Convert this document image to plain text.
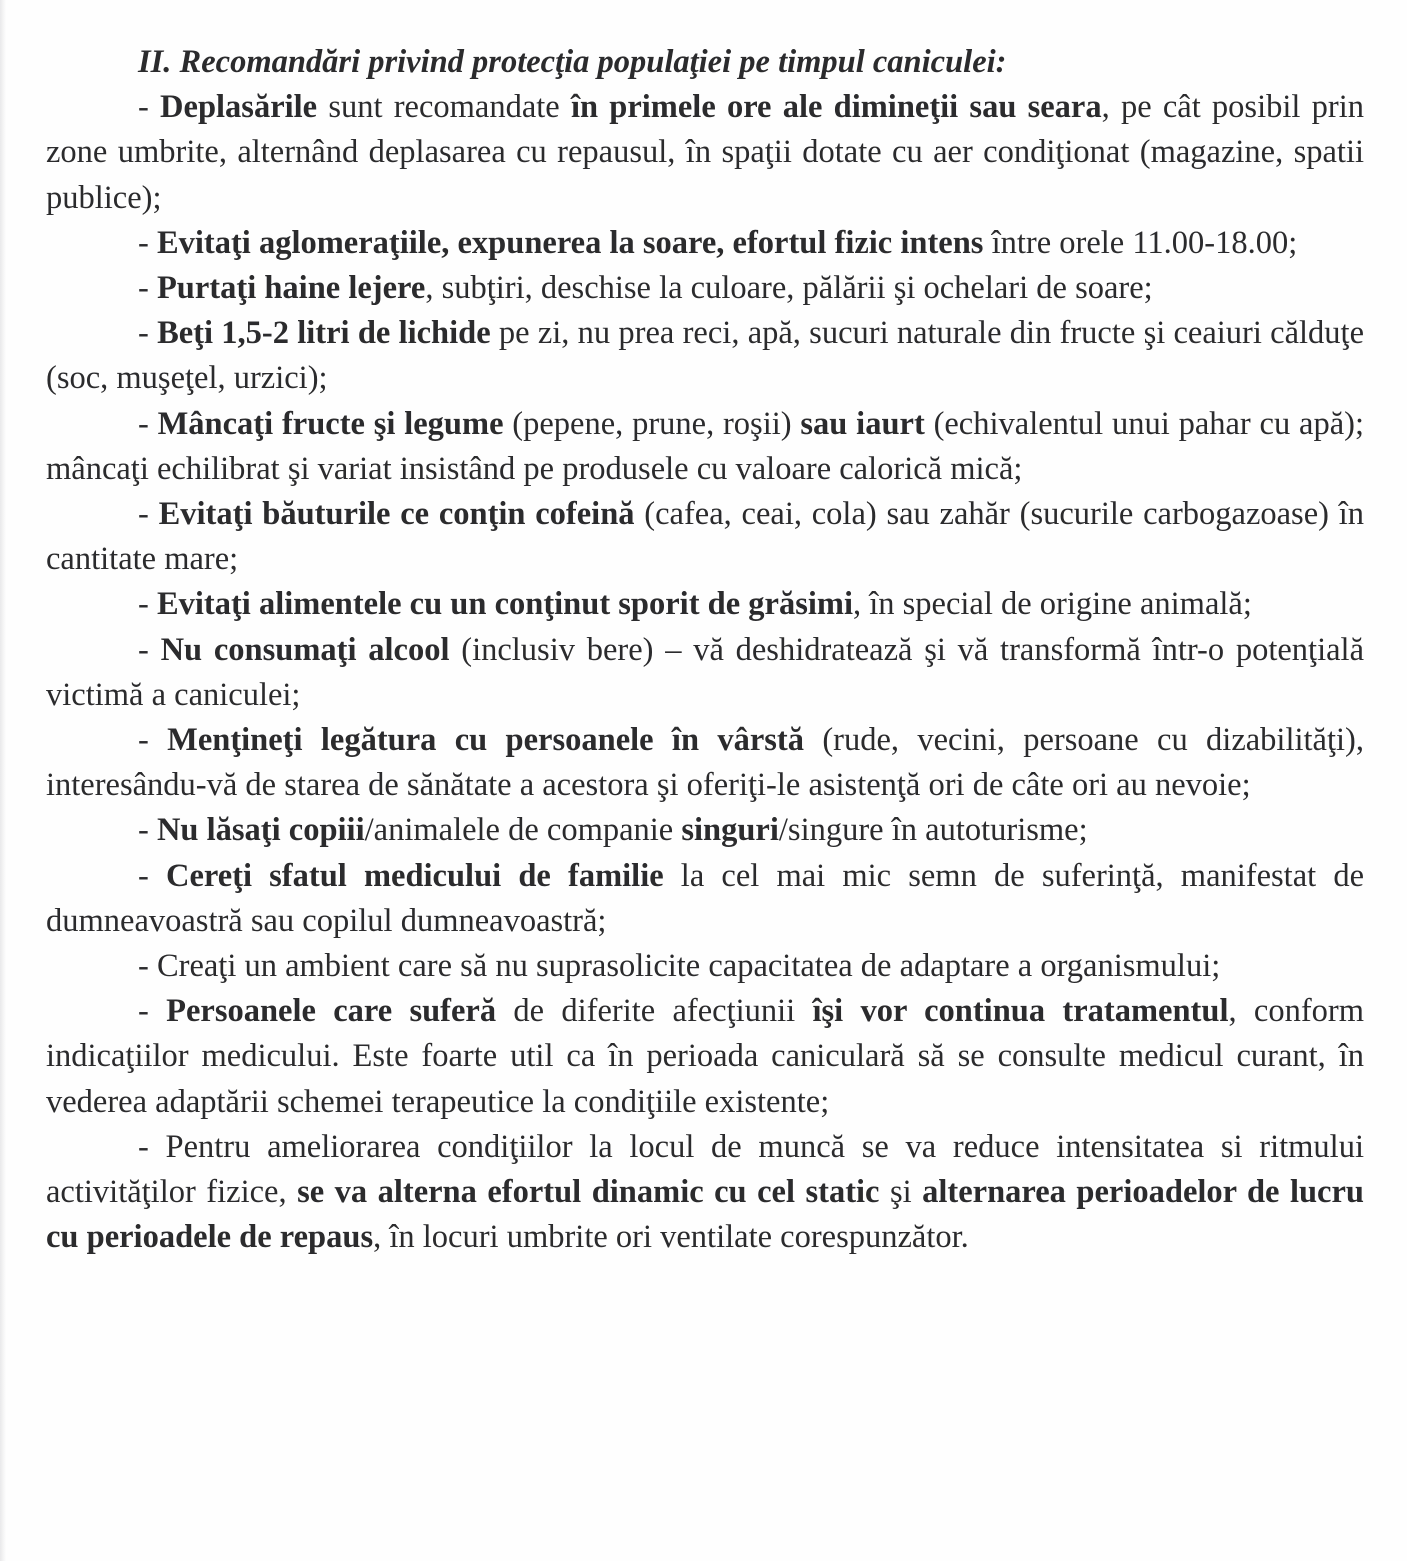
II. Recomandări privind protecţia populaţiei pe timpul caniculei:

- Deplasările sunt recomandate în primele ore ale dimineţii sau seara, pe cât posibil prin zone umbrite, alternând deplasarea cu repausul, în spaţii dotate cu aer condiţionat (magazine, spatii publice);

- Evitaţi aglomeraţiile, expunerea la soare, efortul fizic intens între orele 11.00-18.00;

- Purtaţi haine lejere, subţiri, deschise la culoare, pălării şi ochelari de soare;

- Beţi 1,5-2 litri de lichide pe zi, nu prea reci, apă, sucuri naturale din fructe şi ceaiuri călduţe (soc, muşeţel, urzici);

- Mâncaţi fructe şi legume (pepene, prune, roşii) sau iaurt (echivalentul unui pahar cu apă); mâncaţi echilibrat şi variat insistând pe produsele cu valoare calorică mică;

- Evitaţi băuturile ce conţin cofeină (cafea, ceai, cola) sau zahăr (sucurile carbogazoase) în cantitate mare;

- Evitaţi alimentele cu un conţinut sporit de grăsimi, în special de origine animală;

- Nu consumaţi alcool (inclusiv bere) – vă deshidratează şi vă transformă într-o potenţială victimă a caniculei;

- Menţineţi legătura cu persoanele în vârstă (rude, vecini, persoane cu dizabilităţi), interesându-vă de starea de sănătate a acestora şi oferiţi-le asistenţă ori de câte ori au nevoie;

- Nu lăsaţi copiii/animalele de companie singuri/singure în autoturisme;

- Cereţi sfatul medicului de familie la cel mai mic semn de suferinţă, manifestat de dumneavoastră sau copilul dumneavoastră;

- Creaţi un ambient care să nu suprasolicite capacitatea de adaptare a organismului;

- Persoanele care suferă de diferite afecţiunii îşi vor continua tratamentul, conform indicaţiilor medicului. Este foarte util ca în perioada caniculară să se consulte medicul curant, în vederea adaptării schemei terapeutice la condiţiile existente;

- Pentru ameliorarea condiţiilor la locul de muncă se va reduce intensitatea si ritmului activităţilor fizice, se va alterna efortul dinamic cu cel static şi alternarea perioadelor de lucru cu perioadele de repaus, în locuri umbrite ori ventilate corespunzător.
